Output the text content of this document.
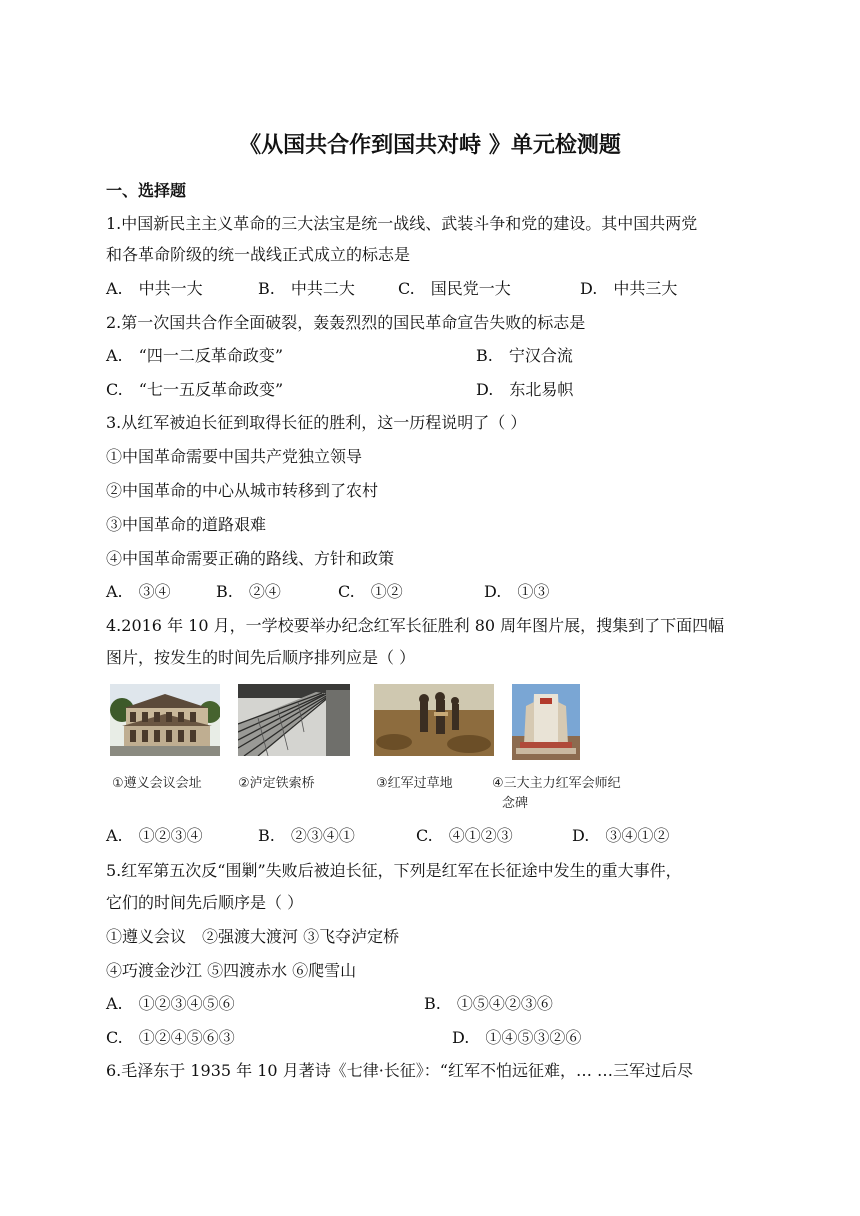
《从国共合作到国共对峙 》单元检测题
一、选择题
1.中国新民主主义革命的三大法宝是统一战线、武装斗争和党的建设。其中国共两党
和各革命阶级的统一战线正式成立的标志是
A.　中共一大	B.　中共二大	C.　国民党一大	D.　中共三大
2.第一次国共合作全面破裂，轰轰烈烈的国民革命宣告失败的标志是
A.　“四一二反革命政变”	B.　宁汉合流
C.　“七一五反革命政变”	D.　东北易帜
3.从红军被迫长征到取得长征的胜利，这一历程说明了（ ）
①中国革命需要中国共产党独立领导
②中国革命的中心从城市转移到了农村
③中国革命的道路艰难
④中国革命需要正确的路线、方针和政策
A.　③④	B.　②④	C.　①②	D.　①③
4.2016 年 10 月，一学校要举办纪念红军长征胜利 80 周年图片展，搜集到了下面四幅
图片，按发生的时间先后顺序排列应是（ ）
①遵义会议会址	②泸定铁索桥	③红军过草地	④三大主力红军会师纪
念碑
A.　①②③④	B.　②③④①	C.　④①②③	D.　③④①②
5.红军第五次反“围剿”失败后被迫长征，下列是红军在长征途中发生的重大事件，
它们的时间先后顺序是（ ）
①遵义会议　②强渡大渡河 ③飞夺泸定桥
④巧渡金沙江 ⑤四渡赤水 ⑥爬雪山
A.　①②③④⑤⑥	B.　①⑤④②③⑥
C.　①②④⑤⑥③	D.　①④⑤③②⑥
6.毛泽东于 1935 年 10 月著诗《七律·长征》：“红军不怕远征难，… …三军过后尽
